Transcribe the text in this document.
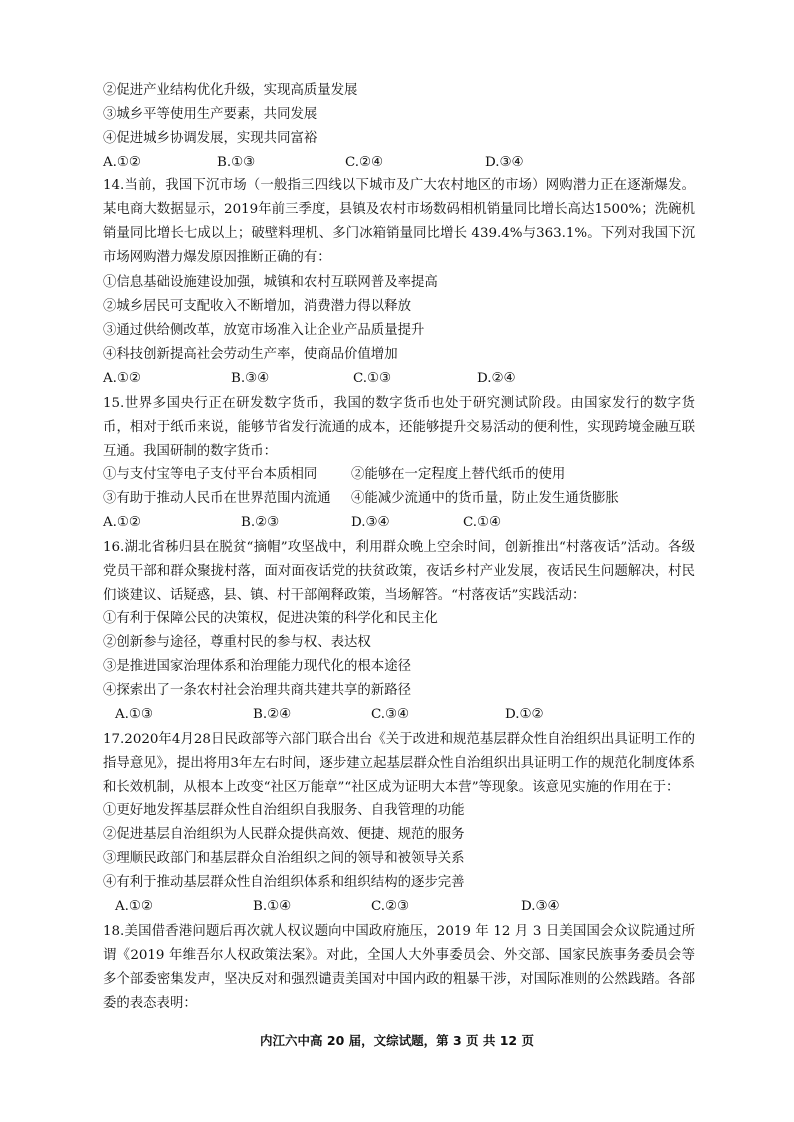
②促进产业结构优化升级，实现高质量发展
③城乡平等使用生产要素，共同发展
④促进城乡协调发展，实现共同富裕
A.①②	B.①③	C.②④	D.③④
14.当前，我国下沉市场（一般指三四线以下城市及广大农村地区的市场）网购潜力正在逐渐爆发。某电商大数据显示，2019年前三季度，县镇及农村市场数码相机销量同比增长高达1500%；洗碗机销量同比增长七成以上；破壁料理机、多门冰箱销量同比增长 439.4%与363.1%。下列对我国下沉市场网购潜力爆发原因推断正确的有：
①信息基础设施建设加强，城镇和农村互联网普及率提高
②城乡居民可支配收入不断增加，消费潜力得以释放
③通过供给侧改革，放宽市场准入让企业产品质量提升
④科技创新提高社会劳动生产率，使商品价值增加
A.①②	B.③④	C.①③	D.②④
15.世界多国央行正在研发数字货币，我国的数字货币也处于研究测试阶段。由国家发行的数字货币，相对于纸币来说，能够节省发行流通的成本，还能够提升交易活动的便利性，实现跨境金融互联互通。我国研制的数字货币：
①与支付宝等电子支付平台本质相同	②能够在一定程度上替代纸币的使用
③有助于推动人民币在世界范围内流通 ④能减少流通中的货币量，防止发生通货膨胀
A.①②	B.②③	D.③④	C.①④
16.湖北省秭归县在脱贫“摘帽”攻坚战中，利用群众晚上空余时间，创新推出“村落夜话”活动。各级党员干部和群众聚拢村落，面对面夜话党的扶贫政策，夜话乡村产业发展，夜话民生问题解决，村民们谈建议、话疑惑，县、镇、村干部阐释政策，当场解答。“村落夜话”实践活动：
①有利于保障公民的决策权，促进决策的科学化和民主化
②创新参与途径，尊重村民的参与权、表达权
③是推进国家治理体系和治理能力现代化的根本途径
④探索出了一条农村社会治理共商共建共享的新路径
A.①③	B.②④	C.③④	D.①②
17.2020年4月28日民政部等六部门联合出台《关于改进和规范基层群众性自治组织出具证明工作的指导意见》，提出将用3年左右时间，逐步建立起基层群众性自治组织出具证明工作的规范化制度体系和长效机制，从根本上改变“社区万能章”“社区成为证明大本营”等现象。该意见实施的作用在于：
①更好地发挥基层群众性自治组织自我服务、自我管理的功能
②促进基层自治组织为人民群众提供高效、便捷、规范的服务
③理顺民政部门和基层群众自治组织之间的领导和被领导关系
④有利于推动基层群众性自治组织体系和组织结构的逐步完善
A.①②	B.①④	C.②③	D.③④
18.美国借香港问题后再次就人权议题向中国政府施压，2019 年 12 月 3 日美国国会众议院通过所谓《2019 年维吾尔人权政策法案》。对此，全国人大外事委员会、外交部、国家民族事务委员会等多个部委密集发声，坚决反对和强烈谴责美国对中国内政的粗暴干涉，对国际准则的公然践踏。各部委的表态表明：
内江六中高 20 届，文综试题，第 3 页 共 12 页
